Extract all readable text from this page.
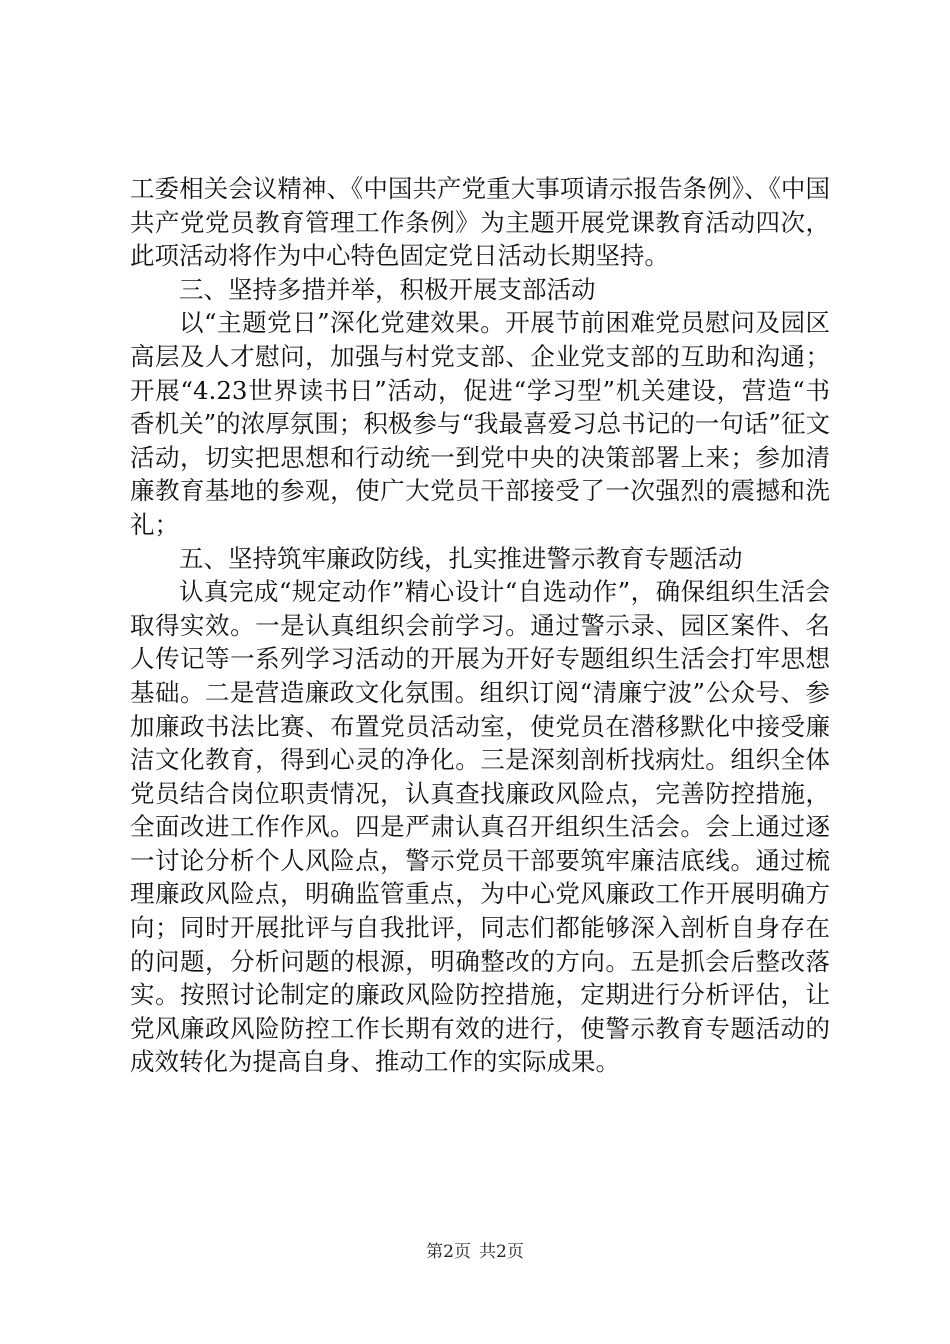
工委相关会议精神、《中国共产党重大事项请示报告条例》、《中国共产党党员教育管理工作条例》为主题开展党课教育活动四次，此项活动将作为中心特色固定党日活动长期坚持。

三、坚持多措并举，积极开展支部活动

以“主题党日”深化党建效果。开展节前困难党员慰问及园区高层及人才慰问，加强与村党支部、企业党支部的互助和沟通；开展“4.23世界读书日”活动，促进“学习型”机关建设，营造“书香机关”的浓厚氛围；积极参与“我最喜爱习总书记的一句话”征文活动，切实把思想和行动统一到党中央的决策部署上来；参加清廉教育基地的参观，使广大党员干部接受了一次强烈的震撼和洗礼；

五、坚持筑牢廉政防线，扎实推进警示教育专题活动

认真完成“规定动作”精心设计“自选动作”，确保组织生活会取得实效。一是认真组织会前学习。通过警示录、园区案件、名人传记等一系列学习活动的开展为开好专题组织生活会打牢思想基础。二是营造廉政文化氛围。组织订阅“清廉宁波”公众号、参加廉政书法比赛、布置党员活动室，使党员在潜移默化中接受廉洁文化教育，得到心灵的净化。三是深刻剖析找病灶。组织全体党员结合岗位职责情况，认真查找廉政风险点，完善防控措施，全面改进工作作风。四是严肃认真召开组织生活会。会上通过逐一讨论分析个人风险点，警示党员干部要筑牢廉洁底线。通过梳理廉政风险点，明确监管重点，为中心党风廉政工作开展明确方向；同时开展批评与自我批评，同志们都能够深入剖析自身存在的问题，分析问题的根源，明确整改的方向。五是抓会后整改落实。按照讨论制定的廉政风险防控措施，定期进行分析评估，让党风廉政风险防控工作长期有效的进行，使警示教育专题活动的成效转化为提高自身、推动工作的实际成果。

第2页 共2页
